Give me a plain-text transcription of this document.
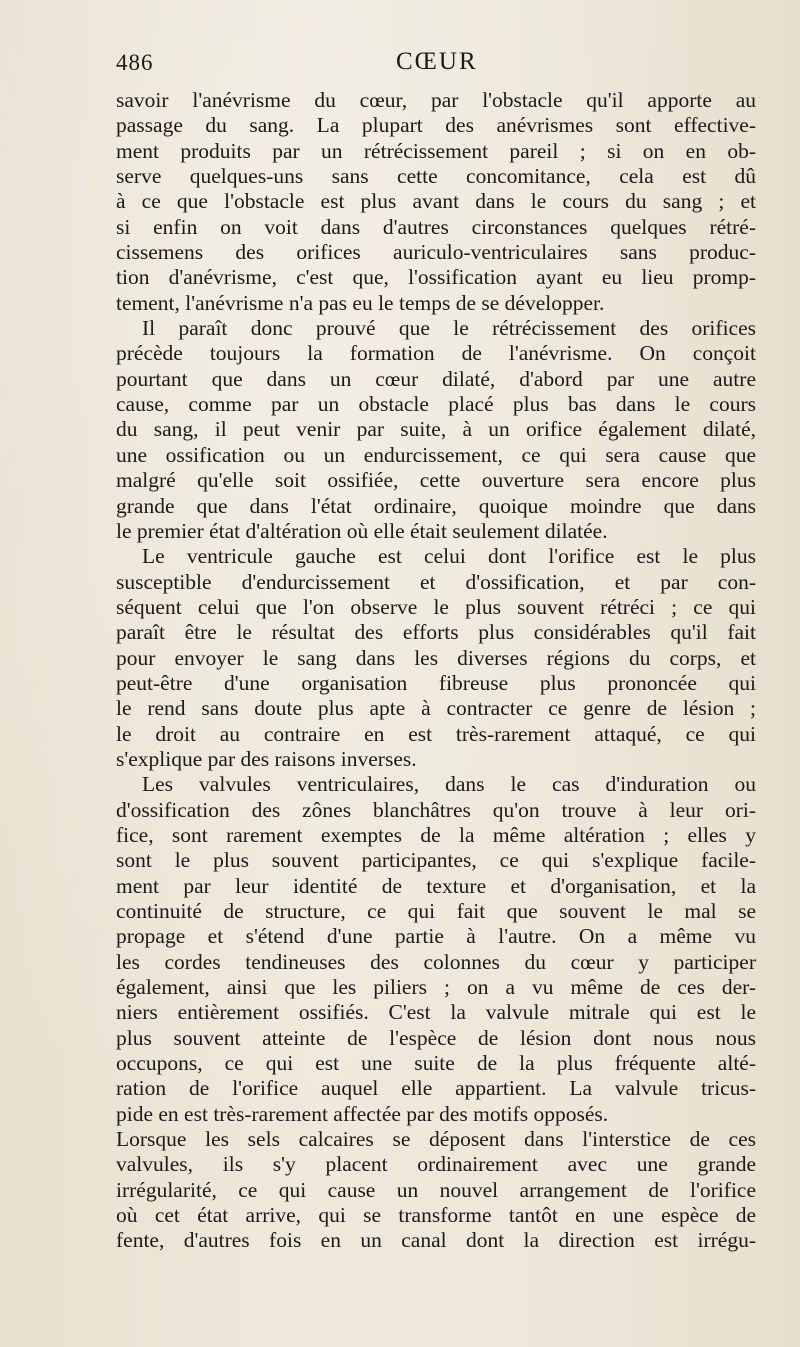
486	CŒUR
savoir l'anévrisme du cœur, par l'obstacle qu'il apporte au
passage du sang. La plupart des anévrismes sont effective-
ment produits par un rétrécissement pareil ; si on en ob-
serve quelques-uns sans cette concomitance, cela est dû
à ce que l'obstacle est plus avant dans le cours du sang ; et
si enfin on voit dans d'autres circonstances quelques rétré-
cissemens des orifices auriculo-ventriculaires sans produc-
tion d'anévrisme, c'est que, l'ossification ayant eu lieu promp-
tement, l'anévrisme n'a pas eu le temps de se développer.
Il paraît donc prouvé que le rétrécissement des orifices
précède toujours la formation de l'anévrisme. On conçoit
pourtant que dans un cœur dilaté, d'abord par une autre
cause, comme par un obstacle placé plus bas dans le cours
du sang, il peut venir par suite, à un orifice également dilaté,
une ossification ou un endurcissement, ce qui sera cause que
malgré qu'elle soit ossifiée, cette ouverture sera encore plus
grande que dans l'état ordinaire, quoique moindre que dans
le premier état d'altération où elle était seulement dilatée.
Le ventricule gauche est celui dont l'orifice est le plus
susceptible d'endurcissement et d'ossification, et par con-
séquent celui que l'on observe le plus souvent rétréci ; ce qui
paraît être le résultat des efforts plus considérables qu'il fait
pour envoyer le sang dans les diverses régions du corps, et
peut-être d'une organisation fibreuse plus prononcée qui
le rend sans doute plus apte à contracter ce genre de lésion ;
le droit au contraire en est très-rarement attaqué, ce qui
s'explique par des raisons inverses.
Les valvules ventriculaires, dans le cas d'induration ou
d'ossification des zônes blanchâtres qu'on trouve à leur ori-
fice, sont rarement exemptes de la même altération ; elles y
sont le plus souvent participantes, ce qui s'explique facile-
ment par leur identité de texture et d'organisation, et la
continuité de structure, ce qui fait que souvent le mal se
propage et s'étend d'une partie à l'autre. On a même vu
les cordes tendineuses des colonnes du cœur y participer
également, ainsi que les piliers ; on a vu même de ces der-
niers entièrement ossifiés. C'est la valvule mitrale qui est le
plus souvent atteinte de l'espèce de lésion dont nous nous
occupons, ce qui est une suite de la plus fréquente alté-
ration de l'orifice auquel elle appartient. La valvule tricus-
pide en est très-rarement affectée par des motifs opposés.
Lorsque les sels calcaires se déposent dans l'interstice de ces
valvules, ils s'y placent ordinairement avec une grande
irrégularité, ce qui cause un nouvel arrangement de l'orifice
où cet état arrive, qui se transforme tantôt en une espèce de
fente, d'autres fois en un canal dont la direction est irrégu-
